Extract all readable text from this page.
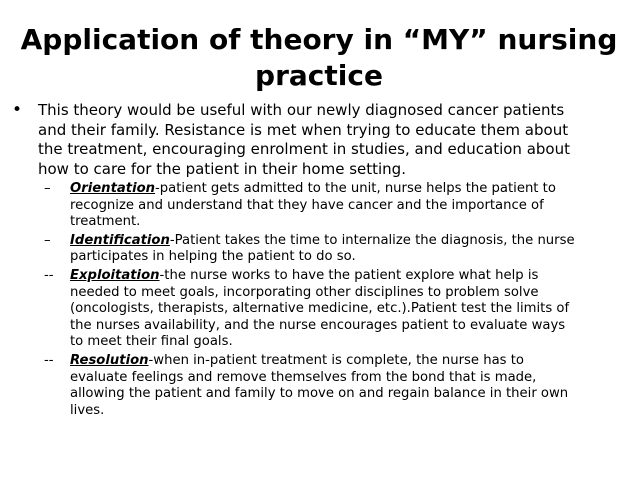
Application of theory in “MY” nursing
practice
• This theory would be useful with our newly diagnosed cancer patients
and their family. Resistance is met when trying to educate them about
the treatment, encouraging enrolment in studies, and education about
how to care for the patient in their home setting.
– Orientation-patient gets admitted to the unit, nurse helps the patient to
recognize and understand that they have cancer and the importance of
treatment.
– Identification-Patient takes the time to internalize the diagnosis, the nurse
participates in helping the patient to do so.
-- Exploitation-the nurse works to have the patient explore what help is
needed to meet goals, incorporating other disciplines to problem solve
(oncologists, therapists, alternative medicine, etc.).Patient test the limits of
the nurses availability, and the nurse encourages patient to evaluate ways
to meet their final goals.
-- Resolution-when in-patient treatment is complete, the nurse has to
evaluate feelings and remove themselves from the bond that is made,
allowing the patient and family to move on and regain balance in their own
lives.
